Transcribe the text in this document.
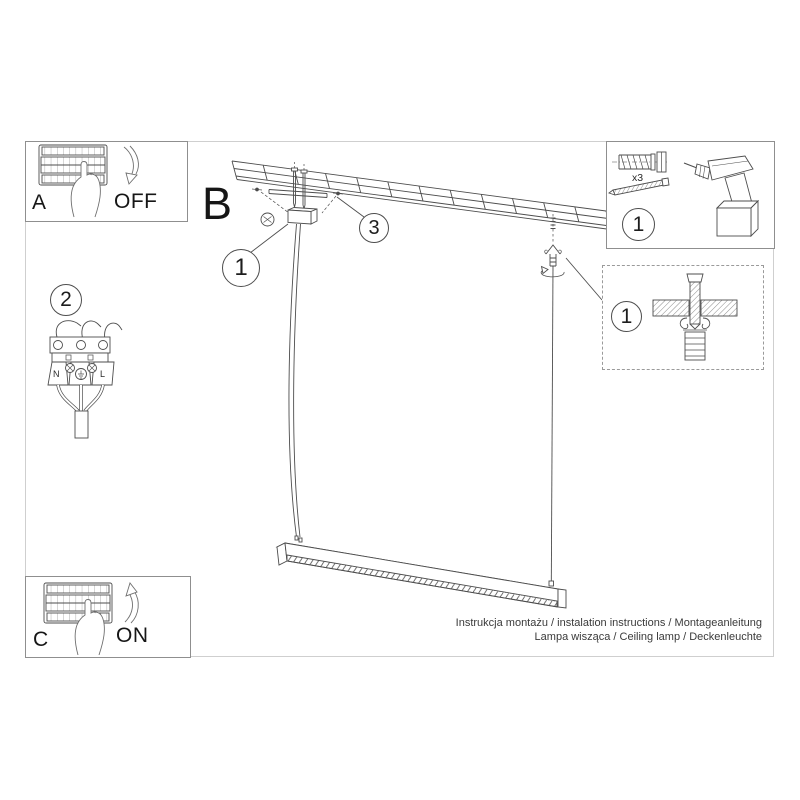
B
1
3
2
N	L
A	OFF
C	ON
x3
1
1
Instrukcja montażu / instalation instructions / Montageanleitung
Lampa wisząca / Ceiling lamp / Deckenleuchte
